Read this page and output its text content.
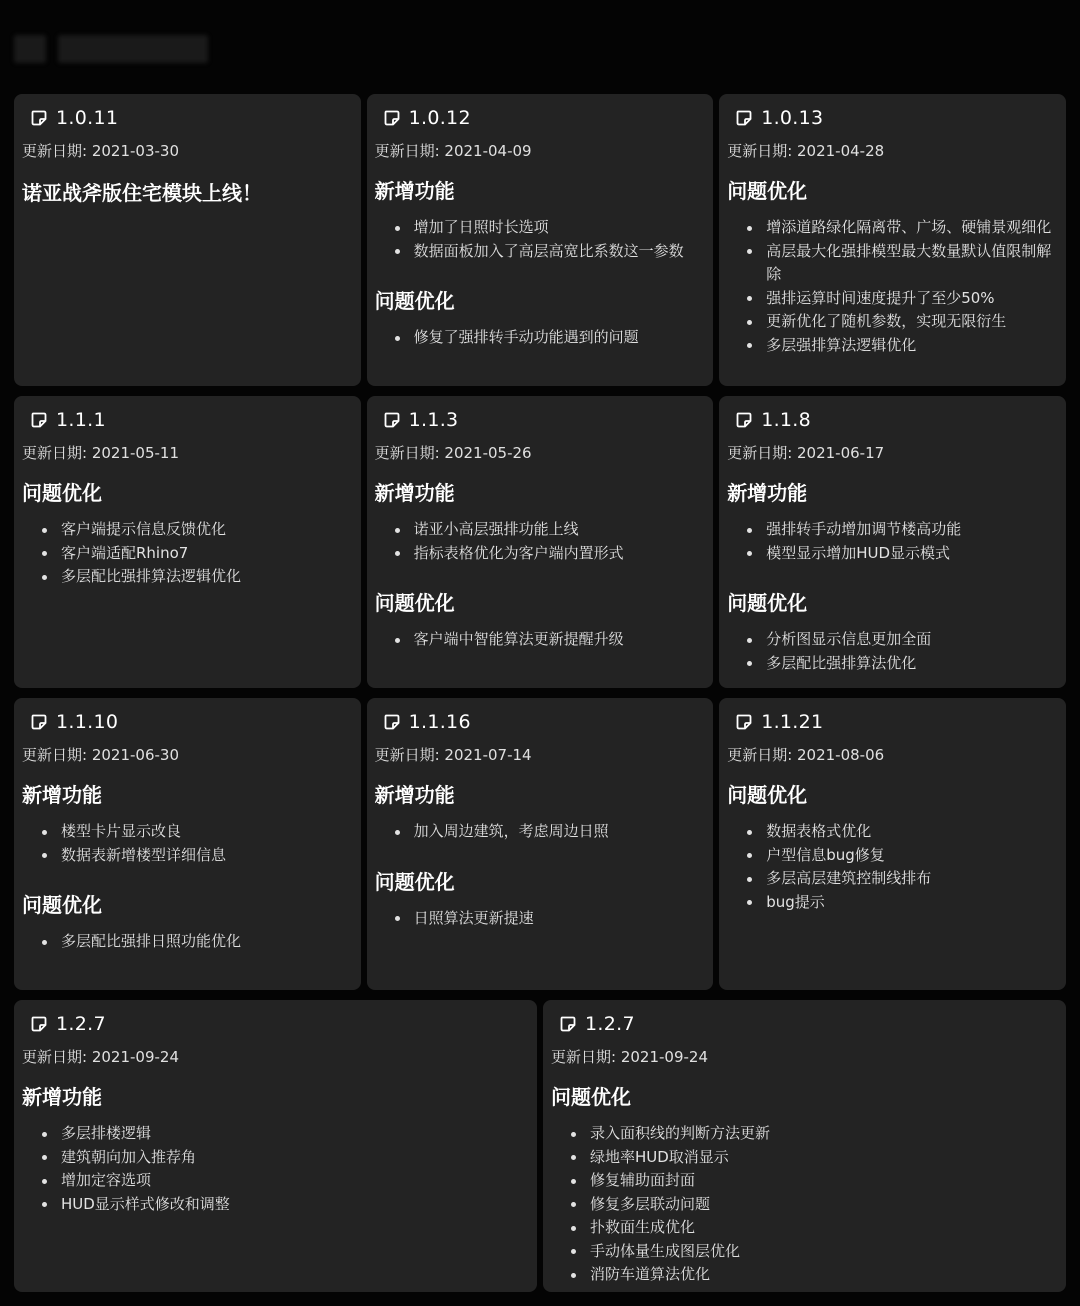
1.0.11
更新日期: 2021-03-30
诺亚战斧版住宅模块上线！
1.0.12
更新日期: 2021-04-09
新增功能
增加了日照时长选项
数据面板加入了高层高宽比系数这一参数
问题优化
修复了强排转手动功能遇到的问题
1.0.13
更新日期: 2021-04-28
问题优化
增添道路绿化隔离带、广场、硬铺景观细化
高层最大化强排模型最大数量默认值限制解除
强排运算时间速度提升了至少50%
更新优化了随机参数，实现无限衍生
多层强排算法逻辑优化
1.1.1
更新日期: 2021-05-11
问题优化
客户端提示信息反馈优化
客户端适配Rhino7
多层配比强排算法逻辑优化
1.1.3
更新日期: 2021-05-26
新增功能
诺亚小高层强排功能上线
指标表格优化为客户端内置形式
问题优化
客户端中智能算法更新提醒升级
1.1.8
更新日期: 2021-06-17
新增功能
强排转手动增加调节楼高功能
模型显示增加HUD显示模式
问题优化
分析图显示信息更加全面
多层配比强排算法优化
1.1.10
更新日期: 2021-06-30
新增功能
楼型卡片显示改良
数据表新增楼型详细信息
问题优化
多层配比强排日照功能优化
1.1.16
更新日期: 2021-07-14
新增功能
加入周边建筑，考虑周边日照
问题优化
日照算法更新提速
1.1.21
更新日期: 2021-08-06
问题优化
数据表格式优化
户型信息bug修复
多层高层建筑控制线排布
bug提示
1.2.7
更新日期: 2021-09-24
新增功能
多层排楼逻辑
建筑朝向加入推荐角
增加定容选项
HUD显示样式修改和调整
1.2.7
更新日期: 2021-09-24
问题优化
录入面积线的判断方法更新
绿地率HUD取消显示
修复辅助面封面
修复多层联动问题
扑救面生成优化
手动体量生成图层优化
消防车道算法优化
